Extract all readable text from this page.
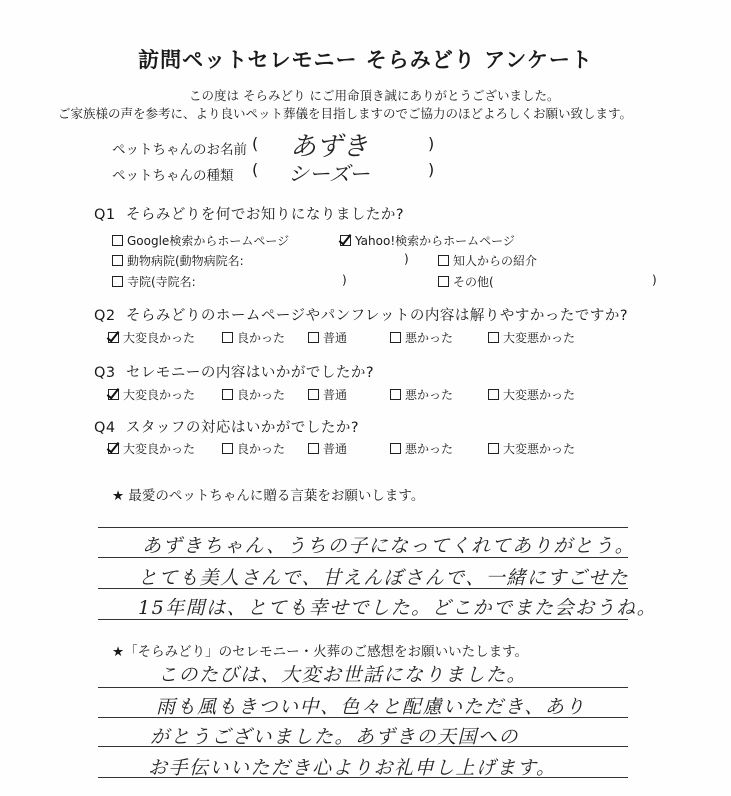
訪問ペットセレモニー そらみどり アンケート
この度は そらみどり にご用命頂き誠にありがとうございました。
ご家族様の声を参考に、より良いペット葬儀を目指しますのでご協力のほどよろしくお願い致します。
ペットちゃんのお名前 ( あずき	)
ペットちゃんの種類 ( シーズー	)
Q1 そらみどりを何でお知りになりましたか?
Google検索からホームページ	Yahoo!検索からホームページ
動物病院(動物病院名:	)	知人からの紹介
寺院(寺院名:	)	その他(	)
Q2 そらみどりのホームページやパンフレットの内容は解りやすかったですか?
大変良かった	良かった	普通	悪かった	大変悪かった
Q3 セレモニーの内容はいかがでしたか?
大変良かった	良かった	普通	悪かった	大変悪かった
Q4 スタッフの対応はいかがでしたか?
大変良かった	良かった	普通	悪かった	大変悪かった
★ 最愛のペットちゃんに贈る言葉をお願いします。
あずきちゃん、うちの子になってくれてありがとう。
とても美人さんで、甘えんぼさんで、一緒にすごせた
15年間は、とても幸せでした。どこかでまた会おうね。
★「そらみどり」のセレモニー・火葬のご感想をお願いいたします。
このたびは、大変お世話になりました。
雨も風もきつい中、色々と配慮いただき、あり
がとうございました。あずきの天国への
お手伝いいただき心よりお礼申し上げます。
